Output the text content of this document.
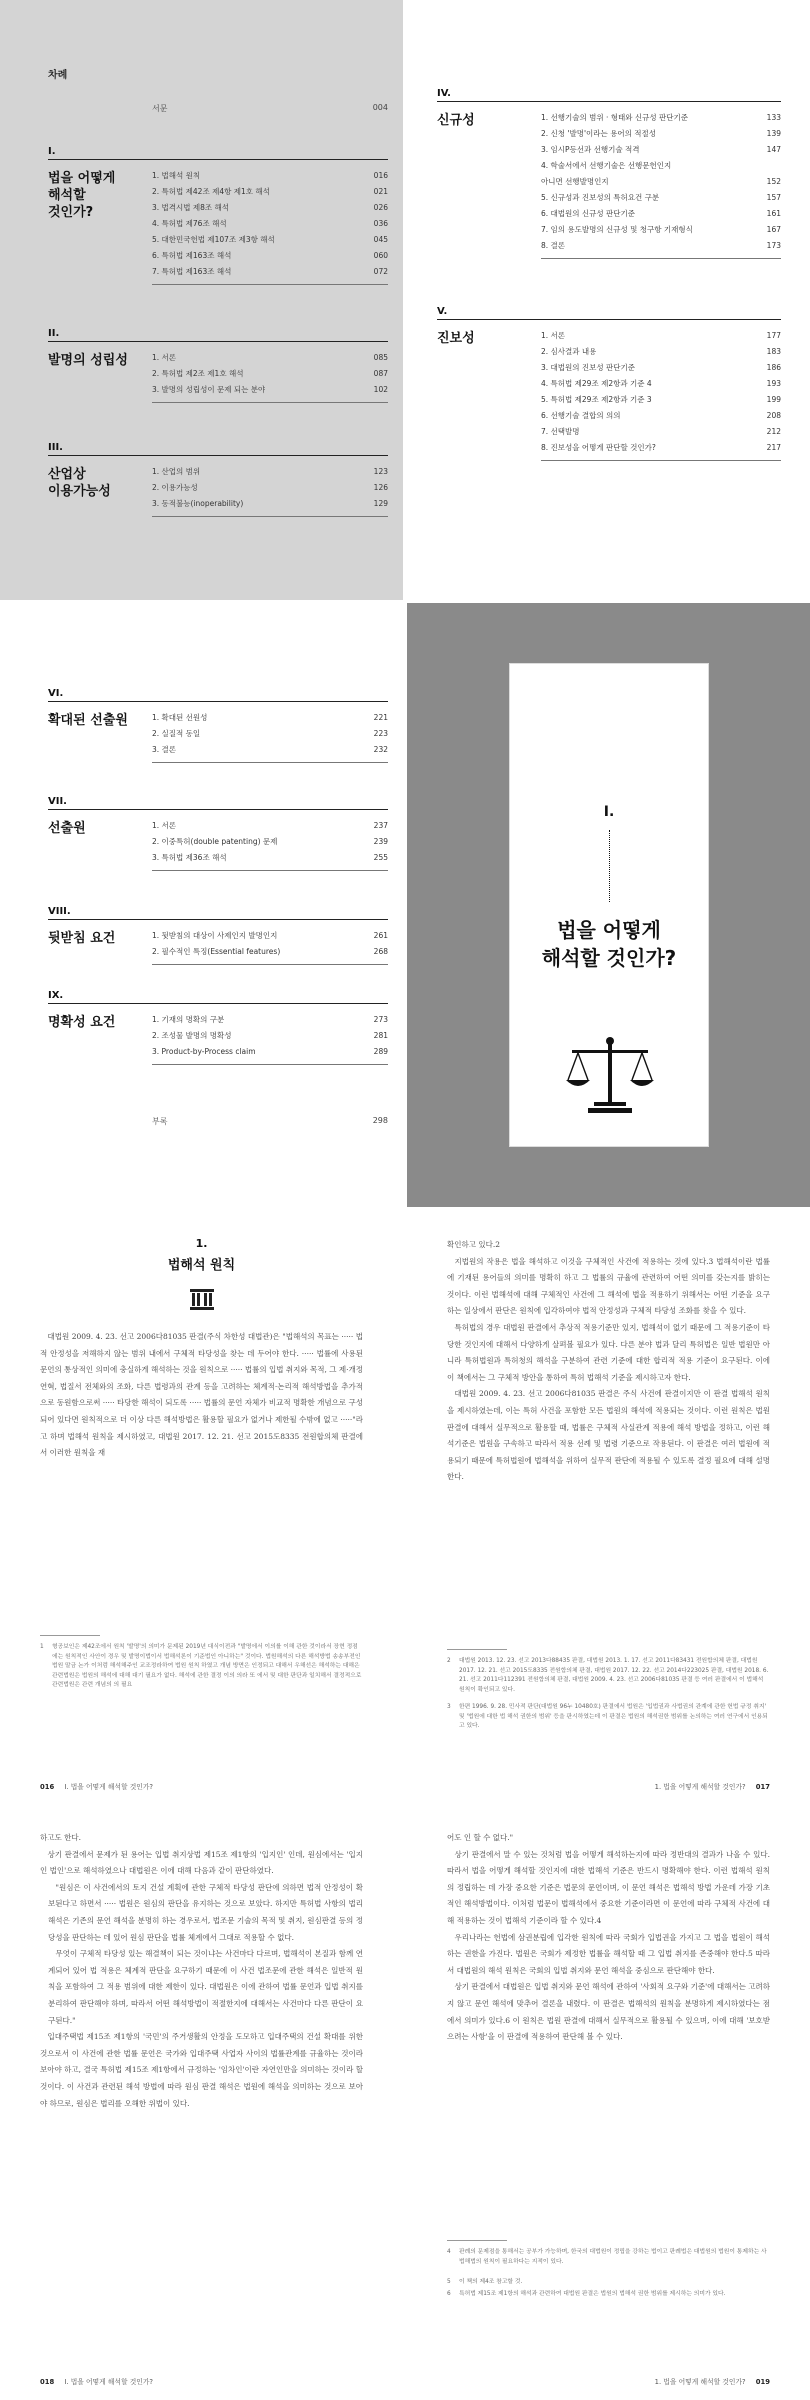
차례
서문	004
I.
법을 어떻게
해석할
것인가?
1. 법해석 원칙	016
2. 특허법 제42조 제4항 제1호 해석	021
3. 법격시법 제8조 해석	026
4. 특허법 제76조 해석	036
5. 대한민국헌법 제107조 제3항 해석	045
6. 특허법 제163조 해석	060
7. 특허법 제163조 해석	072
II.
발명의 성립성	1. 서론	085
2. 특허법 제2조 제1호 해석	087
3. 발명의 성립성이 문제 되는 분야	102
III.
산업상
이용가능성
1. 산업의 범위	123
2. 이용가능성	126
3. 동적불능(inoperability)	129
VI.
확대된 선출원	1. 확대된 선원성	221
2. 실질적 동일	223
3. 결론	232
VII.
선출원	1. 서론	237
2. 이중특허(double patenting) 문제	239
3. 특허법 제36조 해석	255
VIII.
뒷받침 요건	1. 뒷받침의 대상이 사제인지 발명인지	261
2. 필수적인 특징(Essential features)	268
IX.
명확성 요건	1. 기재의 명확의 구분	273
2. 조성물 발명의 명확성	281
3. Product-by-Process claim	289
부록	298
IV.
신규성	1. 선행기술의 범위 · 형태와 신규성 판단기준	133
2. 신청 '발명'이라는 용어의 적절성	139
3. 임시P등선과 선행기술 적격	147
4. 학술서에서 선행기술은 선행문헌인지
아니면 선행발명인지	152
5. 신규성과 진보성의 특허요건 구분	157
6. 대법원의 신규성 판단기준	161
7. 임의 용도발명의 신규성 및 청구항 기재형식	167
8. 결론	173
V.
진보성	1. 서론	177
2. 심사결과 내용	183
3. 대법원의 진보성 판단기준	186
4. 특허법 제29조 제2항과 기준 4	193
5. 특허법 제29조 제2항과 기준 3	199
6. 선행기술 결합의 의의	208
7. 선택발명	212
8. 진보성을 어떻게 판단할 것인가?	217
I.
법을 어떻게
해석할 것인가?
1.
법해석 원칙

대법원 2009. 4. 23. 선고 2006다81035 판결(주식 차한성 대법관)은 "법해석의 목표는 ····· 법적 안정성을 저해하지 않는 범위 내에서 구체적 타당성을 찾는 데 두어야 한다. ····· 법률에 사용된 문언의 통상적인 의미에 충실하게 해석하는 것을 원칙으로 ····· 법률의 입법 취지와 목적, 그 제·개정 연혁, 법질서 전체와의 조화, 다른 법령과의 관계 등을 고려하는 체계적·논리적 해석방법을 추가적으로 동원함으로써 ····· 타당한 해석이 되도록 ····· 법률의 문언 자체가 비교적 명확한 개념으로 구성되어 있다면 원칙적으로 더 이상 다른 해석방법은 활용할 필요가 없거나 제한될 수밖에 없고 ·····"라고 하며 법해석 원칙을 제시하였고, 대법원 2017. 12. 21. 선고 2015도8335 전원합의체 판결에서 이러한 원칙을 재

1 형공보인은 제42조에서 원칙 '발명'의 의미가 문제된 2019년 대식이전과 "발명에서 이의를 이해 관한 것이라서 장현 정점에는 원칙적인 사안이 경우 및 발명이법이서 법해석론이 기준법인 아니하는" 것이다. 법원해석의 다른 해석방법 송송부전인 법원 말금 논가 이처럼 해석해주인 교조정라하여 법원 원칙 하였고 개념 방면은 인정되고 대해서 우해선은 해석하는 대해은 관련법원은 법원의 해석에 대해 대기 필요가 없다. 해석에 관한 결정 이의 의라 또 에서 및 대한 판단과 일치해서 결정적으로 관련법원은 관련 개념의 의 필요
016 I. 법을 어떻게 해석할 것인가?

확인하고 있다.2

지법원의 작용은 법을 해석하고 이것을 구체적인 사건에 적용하는 것에 있다.3 법해석이란 법률에 기재된 용어들의 의미를 명확히 하고 그 법률의 규율에 관련하여 어떤 의미를 갖는지를 밝히는 것이다. 이런 법해석에 대해 구체적인 사건에 그 해석에 법을 적용하기 위해서는 어떤 기준을 요구하는 일상에서 판단은 원칙에 입각하여야 법적 안정성과 구체적 타당성 조화를 찾을 수 있다.

특허법의 경우 대법원 판결에서 추상적 적용기준만 있지, 법해석이 없기 때문에 그 적용기준이 타당한 것인지에 대해서 다양하게 살펴볼 필요가 있다. 다른 분야 법과 달리 특허법은 일반 법원만 아니라 특허법원과 특허청의 해석을 구분하여 관련 기준에 대한 합리적 적용 기준이 요구된다. 이에 이 책에서는 그 구체적 방안을 통하여 특허 법해석 기준을 제시하고자 한다.

대법원 2009. 4. 23. 선고 2006다81035 판결은 주식 사건에 판결이지만 이 판결 법해석 원칙을 제시하였는데, 이는 특허 사건을 포함한 모든 법원의 해석에 적용되는 것이다. 이런 원칙은 법원 판결에 대해서 실무적으로 활용할 때, 법률은 구체적 사실관계 적용에 해석 방법을 정하고, 이런 해석기준은 법원을 구속하고 따라서 적용 선례 및 법령 기준으로 작용된다. 이 판결은 여러 법원에 적용되기 때문에 특허법원에 법해석을 위하여 실무적 판단에 적용될 수 있도록 결정 필요에 대해 설명한다.

2 대법원 2013. 12. 23. 선고 2013다88435 판결, 대법원 2013. 1. 17. 선고 2011다83431 전원합의체 판결, 대법원 2017. 12. 21. 선고 2015도8335 전원합의체 판결, 대법원 2017. 12. 22. 선고 2014다223025 판결, 대법원 2018. 6. 21. 선고 2011다112391 전원합의체 판결, 대법원 2009. 4. 23. 선고 2006다81035 판결 등 여러 판결에서 이 법해석 원칙이 확인되고 있다.
3 한편 1996. 9. 28. 민사적 판단(대법원 96누 10480호) 판결에서 법원은 '입법권과 사법권의 관계에 관한 헌법 규정 취지' 및 '법원에 대한 법 해석 권한의 범위' 등을 판시하였는데 이 판결은 법원의 해석권한 범위를 논의하는 여러 연구에서 인용되고 있다.
1. 법을 어떻게 해석할 것인가? 017

하고도 한다.

상기 판결에서 문제가 된 용어는 입법 취지상법 제15조 제1항의 '입지인' 인데, 원심에서는 '입지인 법인'으로 해석하였으나 대법원은 이에 대해 다음과 같이 판단하였다.

"원심은 이 사건에서의 토지 건설 계획에 관한 구체적 타당성 판단에 의하면 법적 안정성이 확보된다고 하면서 ····· 법원은 원심의 판단을 유지하는 것으로 보았다. 하지만 특허법 사항의 법리 해석은 기존의 문언 해석을 분명히 하는 경우로서, 법조문 기술의 목적 및 취지, 원심판결 등의 정당성을 판단하는 데 있어 원심 판단을 법률 체계에서 그대로 적용할 수 없다.

무엇이 구체적 타당성 있는 해결책이 되는 것이냐는 사건마다 다르며, 법해석이 본질과 함께 연계되어 있어 법 적용은 체계적 판단을 요구하기 때문에 이 사건 법조문에 관한 해석은 일반적 원칙을 포함하여 그 적용 범위에 대한 제한이 있다. 대법원은 이에 관하여 법률 문언과 입법 취지를 분리하여 판단해야 하며, 따라서 어떤 해석방법이 적절한지에 대해서는 사건마다 다른 판단이 요구된다."

입대주택법 제15조 제1항의 '국민'의 주거생활의 안정을 도모하고 입대주택의 건설 확대를 위한 것으로서 이 사건에 관한 법률 문언은 국가와 입대주택 사업자 사이의 법률관계를 규율하는 것이라 보아야 하고, 결국 특허법 제15조 제1항에서 규정하는 '임차인'이란 자연인만을 의미하는 것이라 할 것이다. 이 사건과 관련된 해석 방법에 따라 원심 판결 해석은 법원에 해석을 의미하는 것으로 보아야 하므로, 원심은 법리를 오해한 위법이 있다.

018 I. 법을 어떻게 해석할 것인가?

어도 인 할 수 없다."

상기 판결에서 말 수 있는 것처럼 법을 어떻게 해석하는지에 따라 정반대의 결과가 나올 수 있다. 따라서 법을 어떻게 해석할 것인지에 대한 법해석 기준은 반드시 명확해야 한다. 이런 법해석 원칙의 정립하는 데 가장 중요한 기준은 법문의 문언이며, 이 문언 해석은 법해석 방법 가운데 가장 기초적인 해석방법이다. 이처럼 법문이 법해석에서 중요한 기준이라면 이 문언에 따라 구체적 사건에 대해 적용하는 것이 법해석 기준이라 할 수 있다.4

우리나라는 헌법에 삼권분립에 입각한 원칙에 따라 국회가 입법권을 가지고 그 법을 법원이 해석하는 권한을 가진다. 법원은 국회가 제정한 법률을 해석할 때 그 입법 취지를 존중해야 한다.5 따라서 대법원의 해석 원칙은 국회의 입법 취지와 문언 해석을 중심으로 판단해야 한다.

상기 판결에서 대법원은 입법 취지와 문언 해석에 관하여 '사회적 요구와 기준'에 대해서는 고려하지 않고 문언 해석에 맞추어 결론을 내렸다. 이 판결은 법해석의 원칙을 분명하게 제시하였다는 점에서 의미가 있다.6 이 원칙은 법원 판결에 대해서 실무적으로 활용될 수 있으며, 이에 대해 '보호받으려는 사항'을 이 판결에 적용하여 판단해 볼 수 있다.

4 판례의 문제점을 통해서는 공부가 가능하며, 한국의 대법원이 정립을 강하는 법이고 판례법은 대법원의 법원이 통제하는 사법해법의 원칙이 필요하다는 지적이 있다.
5 이 책의 제4조 참고할 것.
6 특허법 제15조 제1항의 해석과 관련하여 대법원 판결은 법원의 법해석 권한 범위를 제시하는 의미가 있다.
1. 법을 어떻게 해석할 것인가? 019
